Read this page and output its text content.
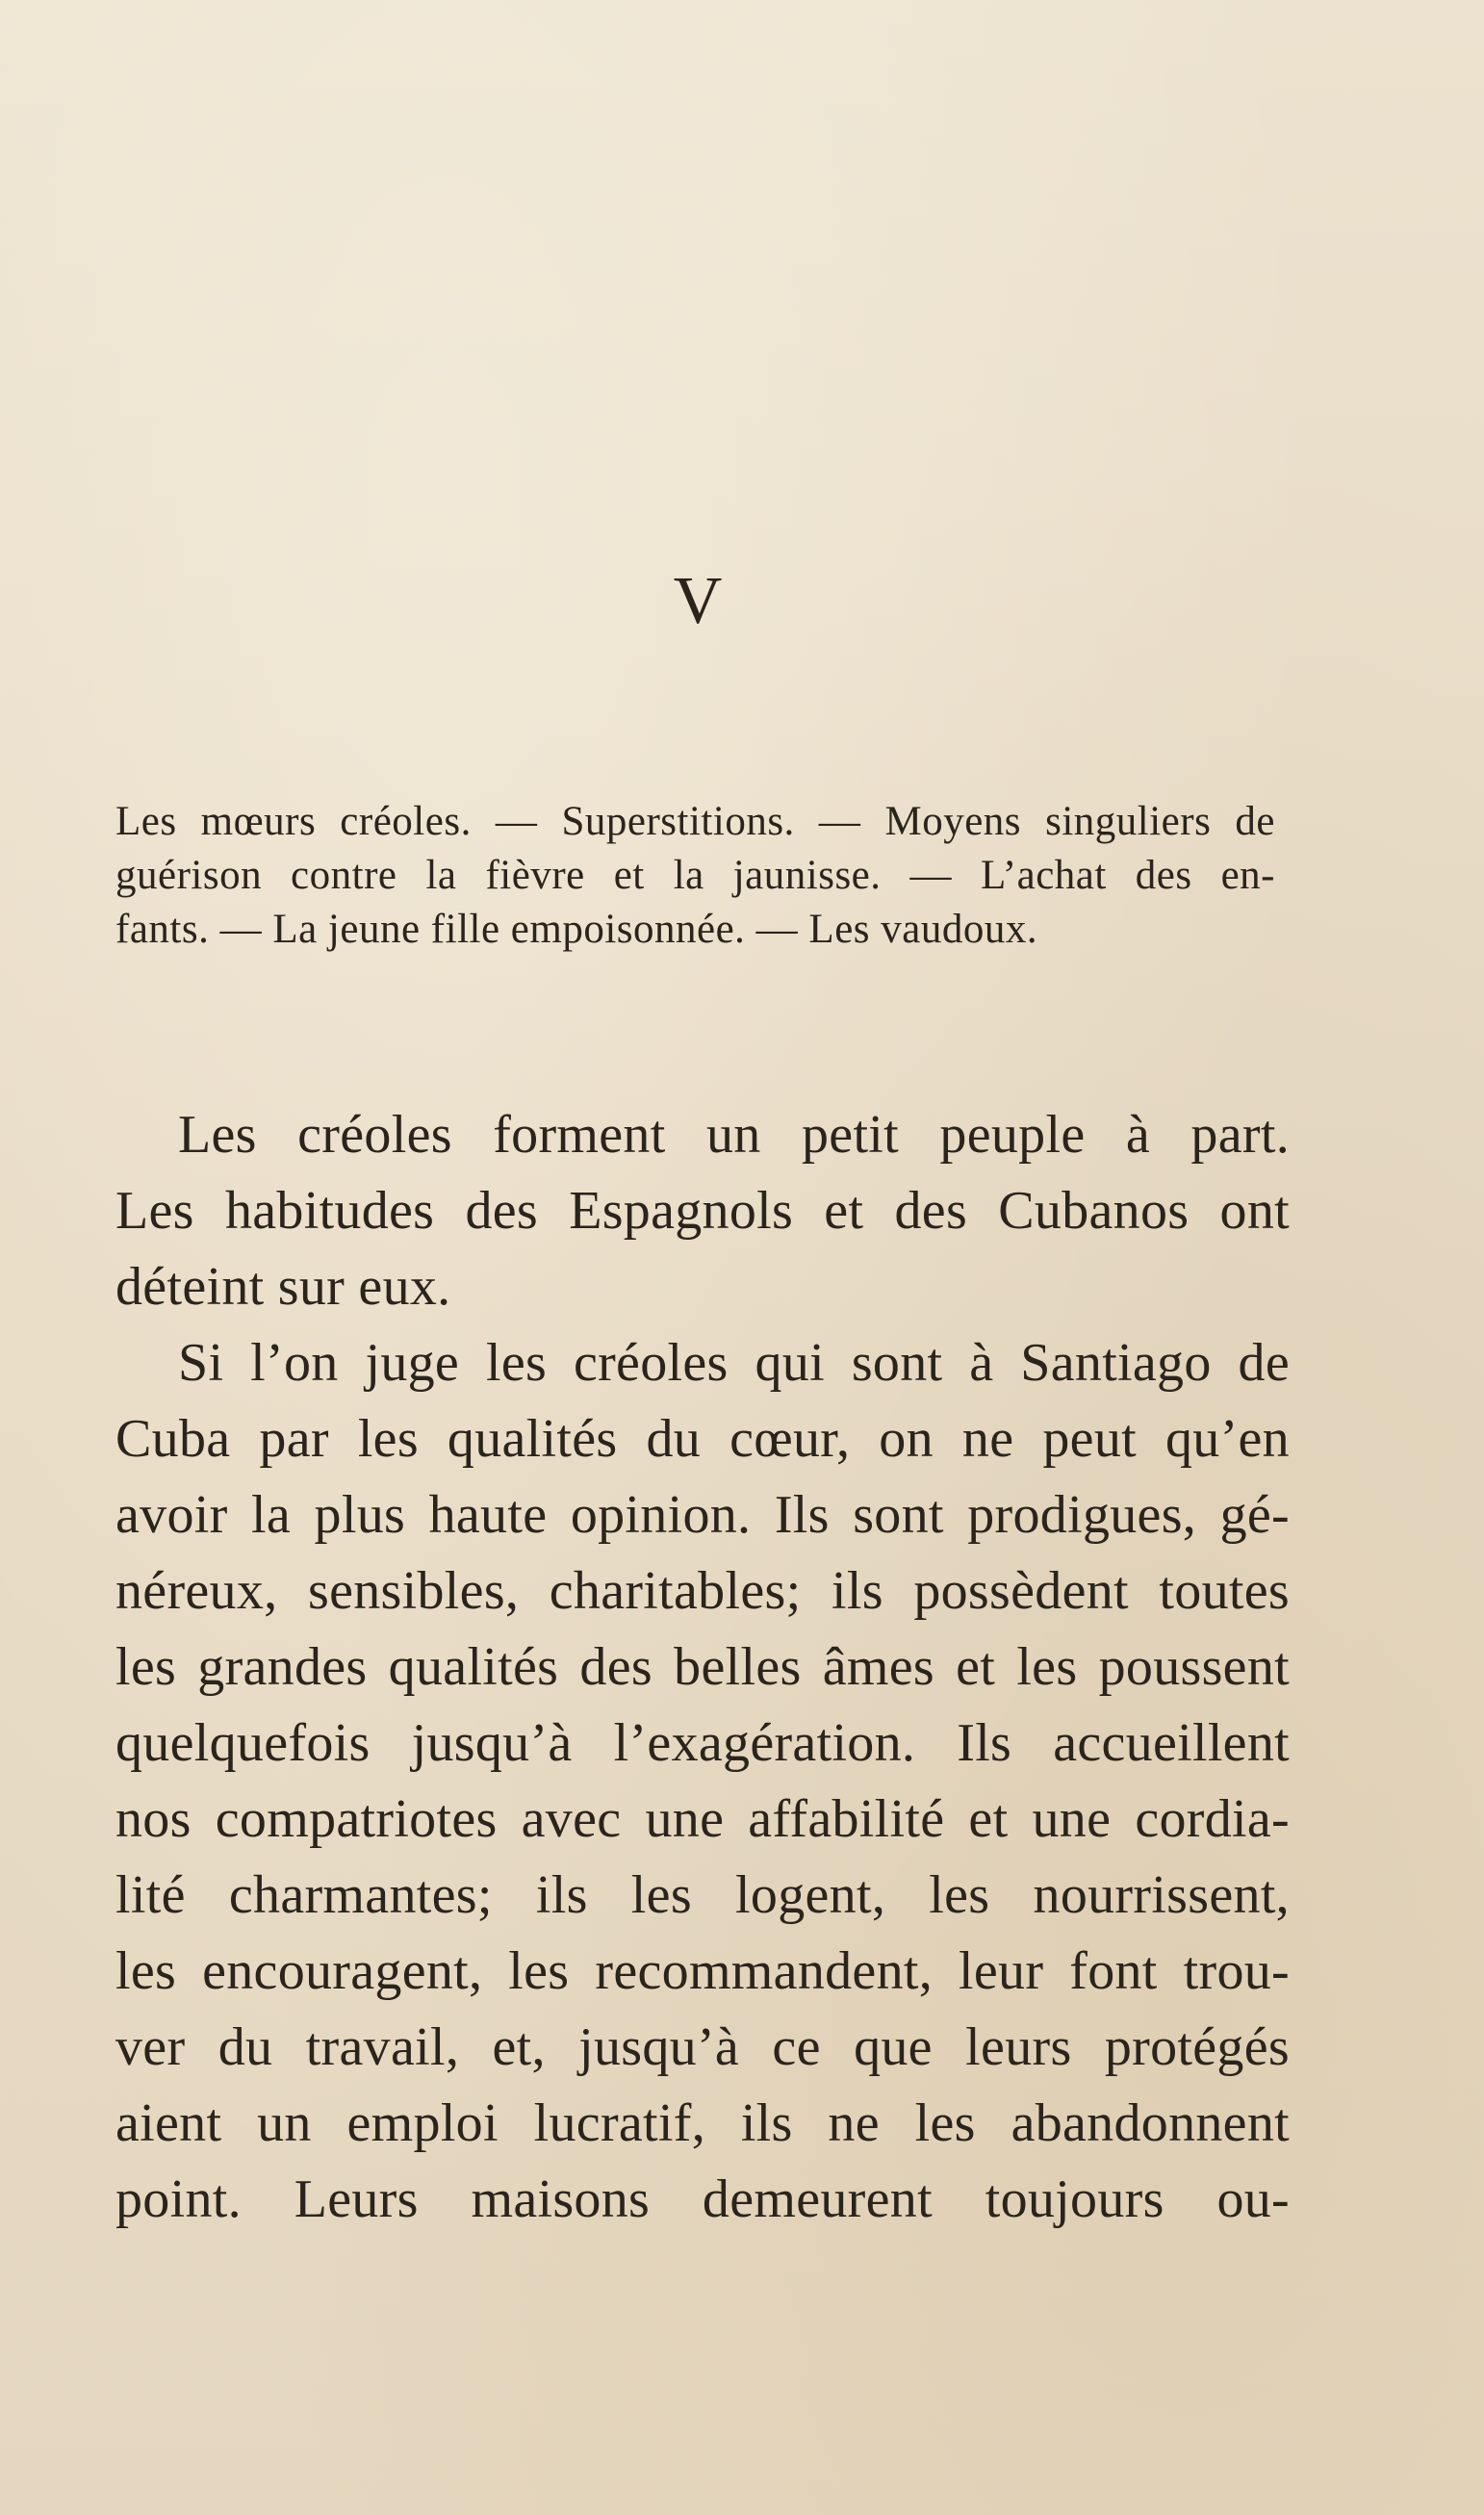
V
Les mœurs créoles. — Superstitions. — Moyens singuliers de
guérison contre la fièvre et la jaunisse. — L’achat des en-
fants. — La jeune fille empoisonnée. — Les vaudoux.

Les créoles forment un petit peuple à part.
Les habitudes des Espagnols et des Cubanos ont
déteint sur eux.

Si l’on juge les créoles qui sont à Santiago de
Cuba par les qualités du cœur, on ne peut qu’en
avoir la plus haute opinion. Ils sont prodigues, gé-
néreux, sensibles, charitables; ils possèdent toutes
les grandes qualités des belles âmes et les poussent
quelquefois jusqu’à l’exagération. Ils accueillent
nos compatriotes avec une affabilité et une cordia-
lité charmantes; ils les logent, les nourrissent,
les encouragent, les recommandent, leur font trou-
ver du travail, et, jusqu’à ce que leurs protégés
aient un emploi lucratif, ils ne les abandonnent
point. Leurs maisons demeurent toujours ou-
